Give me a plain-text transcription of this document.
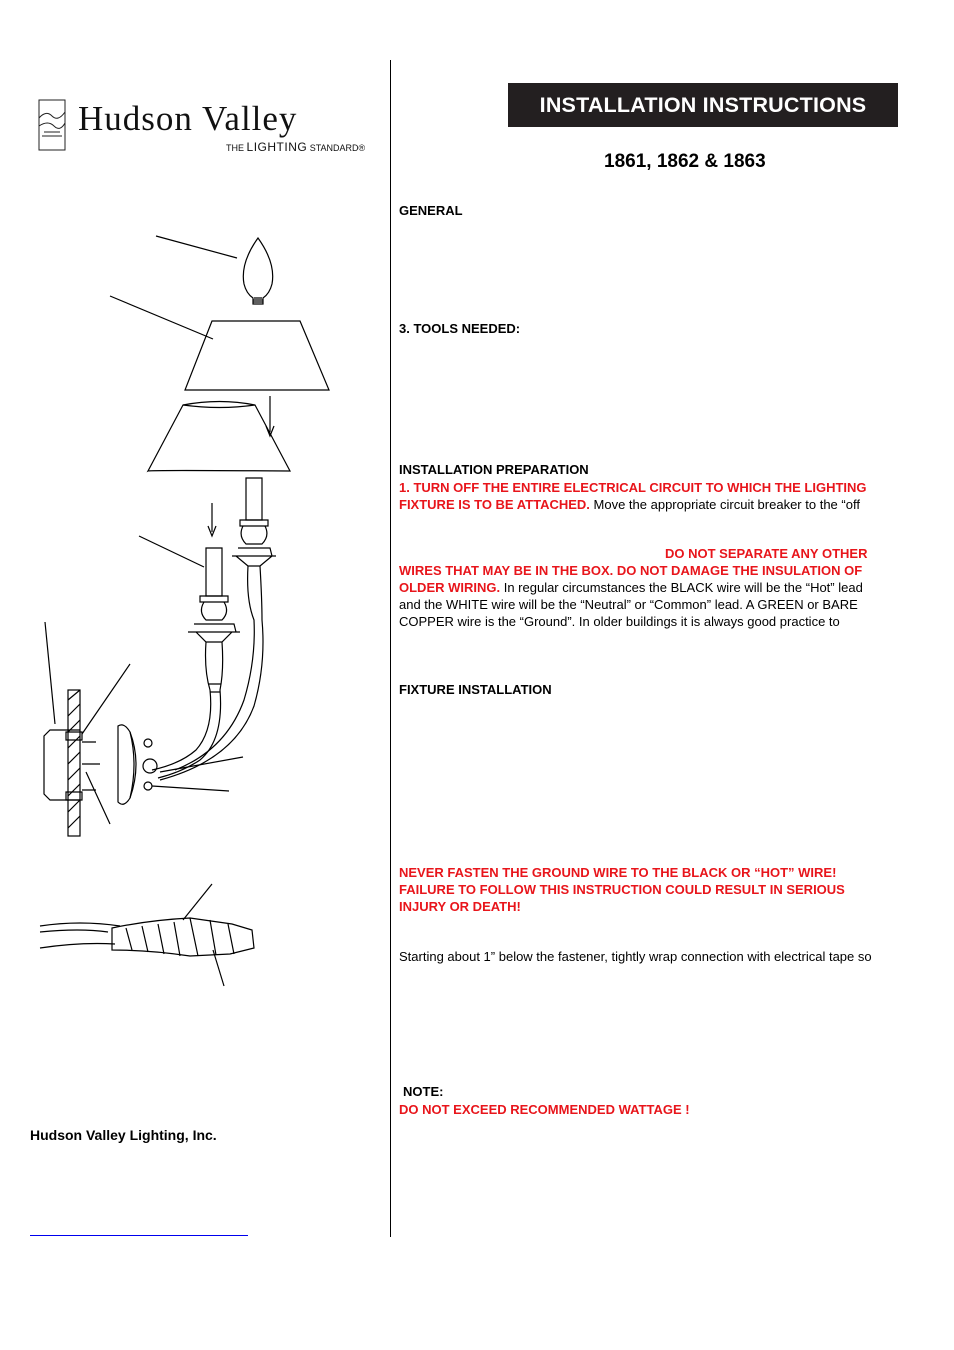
Hudson Valley
THE LIGHTING STANDARD®
INSTALLATION INSTRUCTIONS
1861, 1862 & 1863
GENERAL
3. TOOLS NEEDED:
INSTALLATION PREPARATION
1. TURN OFF THE ENTIRE ELECTRICAL CIRCUIT TO WHICH THE LIGHTING
FIXTURE IS TO BE ATTACHED. Move the appropriate circuit breaker to the “off
DO NOT SEPARATE ANY OTHER
WIRES THAT MAY BE IN THE BOX. DO NOT DAMAGE THE INSULATION OF
OLDER WIRING. In regular circumstances the BLACK wire will be the “Hot” lead
and the WHITE wire will be the “Neutral” or “Common” lead. A GREEN or BARE
COPPER wire is the “Ground”. In older buildings it is always good practice to
FIXTURE INSTALLATION
NEVER FASTEN THE GROUND WIRE TO THE BLACK OR “HOT” WIRE!
FAILURE TO FOLLOW THIS INSTRUCTION COULD RESULT IN SERIOUS
INJURY OR DEATH!
Starting about 1” below the fastener, tightly wrap connection with electrical tape so
NOTE:
DO NOT EXCEED RECOMMENDED WATTAGE !
Hudson Valley Lighting, Inc.
